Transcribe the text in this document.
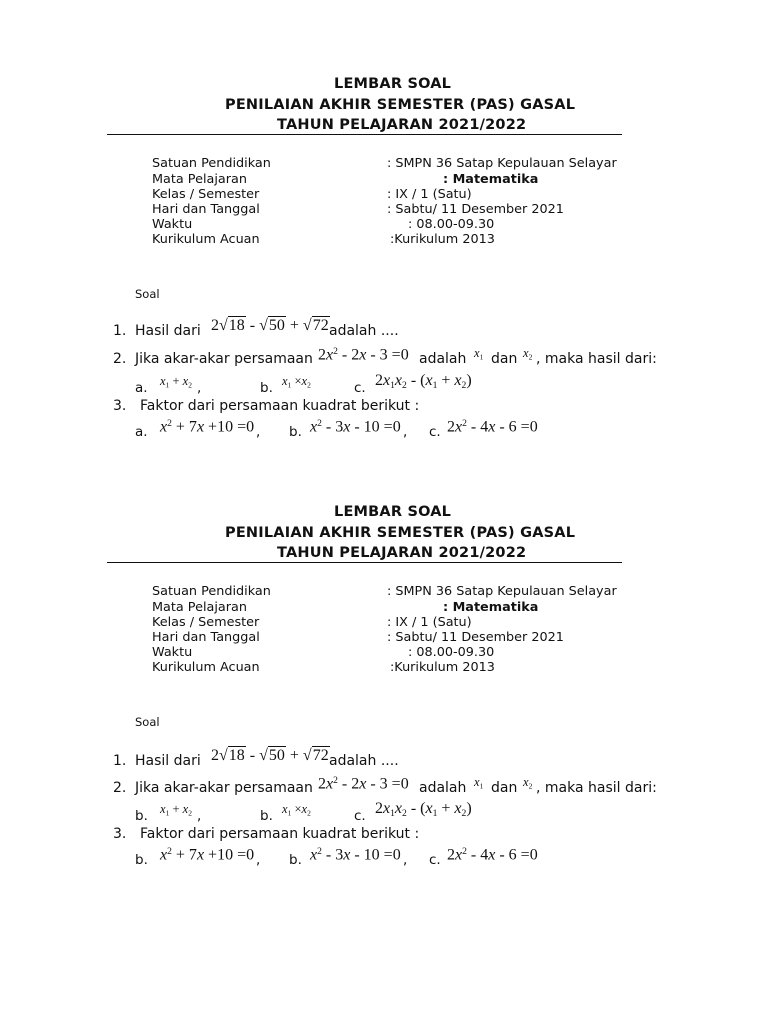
LEMBAR SOAL
PENILAIAN AKHIR SEMESTER (PAS) GASAL
TAHUN PELAJARAN 2021/2022
Satuan Pendidikan	: SMPN 36 Satap Kepulauan Selayar
Mata Pelajaran	: Matematika
Kelas / Semester	: IX / 1 (Satu)
Hari dan Tanggal	: Sabtu/ 11 Desember 2021
Waktu	: 08.00-09.30
Kurikulum Acuan	:Kurikulum 2013
Soal
1. Hasil dari 2√18 - √50 + √72 adalah ....
2. Jika akar-akar persamaan $2x^2 - 2x - 3 =0$ adalah $x_1$ dan $x_2$ , maka hasil dari:
a. $x_1 + x_2$ ,	b. $x_1 \times x_2$	c. $2x_1x_2 - (x_1 + x_2)$
3. Faktor dari persamaan kuadrat berikut :
a. $x^2 + 7x +10 =0$ , b. $x^2 - 3x - 10 =0$ , c. $2x^2 - 4x - 6 =0$
LEMBAR SOAL
PENILAIAN AKHIR SEMESTER (PAS) GASAL
TAHUN PELAJARAN 2021/2022
Satuan Pendidikan	: SMPN 36 Satap Kepulauan Selayar
Mata Pelajaran	: Matematika
Kelas / Semester	: IX / 1 (Satu)
Hari dan Tanggal	: Sabtu/ 11 Desember 2021
Waktu	: 08.00-09.30
Kurikulum Acuan	:Kurikulum 2013
Soal
1. Hasil dari 2√18 - √50 + √72 adalah ....
2. Jika akar-akar persamaan $2x^2 - 2x - 3 =0$ adalah $x_1$ dan $x_2$ , maka hasil dari:
b. $x_1 + x_2$ ,	b. $x_1 \times x_2$	c. $2x_1x_2 - (x_1 + x_2)$
3. Faktor dari persamaan kuadrat berikut :
b. $x^2 + 7x +10 =0$ , b. $x^2 - 3x - 10 =0$ , c. $2x^2 - 4x - 6 =0$
